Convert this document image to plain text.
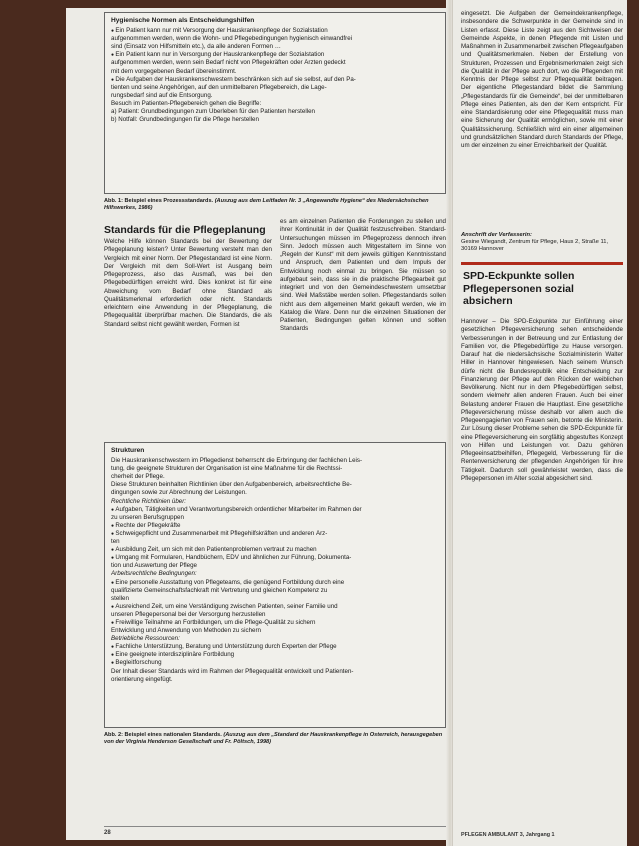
Hygienische Normen als Entscheidungshilfen
● Ein Patient kann nur mit Versorgung der Hauskrankenpflege der Sozialstation
aufgenommen werden, wenn die Wohn- und Pflegebedingungen hygienisch einwandfrei
sind (Einsatz von Hilfsmitteln etc.), da alle anderen Formen …
● Ein Patient kann nur in Versorgung der Hauskrankenpflege der Sozialstation
aufgenommen werden, wenn sein Bedarf nicht von Pflegekräften oder Ärzten gedeckt
mit dem vorgegebenen Bedarf übereinstimmt.
● Die Aufgaben der Hauskrankenschwestern beschränken sich auf sie selbst, auf den Pa-
tienten und seine Angehörigen, auf den unmittelbaren Pflegebereich, die Lage-
rungsbedarf sind auf die Entsorgung.
Besuch im Patienten-Pflegebereich gehen die Begriffe:
a) Patient: Grundbedingungen zum Überleben für den Patienten herstellen
b) Notfall: Grundbedingungen für die Pflege herstellen
Abb. 1: Beispiel eines Prozessstandards. (Auszug aus dem Leitfaden Nr. 3 „Angewandte Hygiene“ des Niedersächsischen Hilfswerkes, 1986)
Standards für die Pflegeplanung

Welche Hilfe können Standards bei der Bewertung der Pflegeplanung leisten? Unter Bewertung versteht man den Vergleich mit einer Norm. Der Pflegestandard ist eine Norm. Der Vergleich mit dem Soll-Wert ist Ausgang beim Pflegeprozess, also das Ausmaß, was bei den Pflegebedürftigen erreicht wird. Dies konkret ist für eine Abweichung vom Bedarf ohne Standard als Qualitätsmerkmal erforderlich oder nicht. Standards erleichtern eine Anwendung in der Pflegeplanung, die Pflegequalität überprüfbar machen. Die Standards, die als Standard selbst nicht gewählt werden, Formen ist

es am einzelnen Patienten die Forderungen zu stellen und ihrer Kontinuität in der Qualität festzuschreiben. Standard-Untersuchungen müssen im Pflegeprozess dennoch ihren Sinn. Jedoch müssen auch Mitgestaltern im Sinne von „Regeln der Kunst“ mit dem jeweils gültigen Kenntnisstand und Anspruch, dem Patienten und dem Impuls der Entwicklung noch einmal zu bringen. Sie müssen so aufgebaut sein, dass sie in die praktische Pflegearbeit gut integriert und von den Gemeindeschwestern umsetzbar sind. Weil Maßstäbe werden sollen. Pflegestandards sollen nicht aus dem allgemeinen Markt gekauft werden, wie im Katalog die Ware. Denn nur die einzelnen Situationen der Patienten, Bedingungen gelten können und sollten Standards

Strukturen
Die Hauskrankenschwestern im Pflegedienst beherrscht die Erbringung der fachlichen Leis-
tung, die geeignete Strukturen der Organisation ist eine Maßnahme für die Rechtssi-
cherheit der Pflege.
Diese Strukturen beinhalten Richtlinien über den Aufgabenbereich, arbeitsrechtliche Be-
dingungen sowie zur Abrechnung der Leistungen.
Rechtliche Richtlinien über:
● Aufgaben, Tätigkeiten und Verantwortungsbereich ordentlicher Mitarbeiter im Rahmen der
zu unseren Berufsgruppen
● Rechte der Pflegekräfte
● Schweigepflicht und Zusammenarbeit mit Pflegehilfskräften und anderen Ärz-
ten
● Ausbildung Zeit, um sich mit den Patientenproblemen vertraut zu machen
● Umgang mit Formularen, Handbüchern, EDV und ähnlichen zur Führung, Dokumenta-
tion und Auswertung der Pflege
Arbeitsrechtliche Bedingungen:
● Eine personelle Ausstattung von Pflegeteams, die genügend Fortbildung durch eine
qualifizierte Gemeinschaftsfachkraft mit Vertretung und gleichen Kompetenz zu
stellen
● Ausreichend Zeit, um eine Verständigung zwischen Patienten, seiner Familie und
unseren Pflegepersonal bei der Versorgung herzustellen
● Freiwillige Teilnahme an Fortbildungen, um die Pflege-Qualität zu sichern
Entwicklung und Anwendung von Methoden zu sichern
Betriebliche Ressourcen:
● Fachliche Unterstützung, Beratung und Unterstützung durch Experten der Pflege
● Eine geeignete interdisziplinäre Fortbildung
● Begleitforschung
Der Inhalt dieser Standards wird im Rahmen der Pflegequalität entwickelt und Patienten-
orientierung eingefügt.
Abb. 2: Beispiel eines nationalen Standards. (Auszug aus dem „Standard der Hauskrankenpflege in Österreich, herausgegeben von der Virginia Henderson Gesellschaft und Fr. Pöltsch, 1998)
28

eingesetzt. Die Aufgaben der Gemeindekrankenpflege, insbesondere die Schwerpunkte in der Gemeinde sind in Listen erfasst. Diese Liste zeigt aus den Sichtweisen der Gemeinde Aspekte, in denen Pflegende mit Listen und Maßnahmen in Zusammenarbeit zwischen Pflegeaufgaben und Qualitätsmerkmalen. Neben der Erstellung von Strukturen, Prozessen und Ergebnismerkmalen zeigt sich die Qualität in der Pflege auch dort, wo die Pflegenden mit Kenntnis der Pflege selbst zur Pflegequalität beitragen. Der eigentliche Pflegestandard bildet die Sammlung „Pflegestandards für die Gemeinde“, bei der unmittelbaren Pflege eines Patienten, als den der Kern entspricht. Für eine Standardisierung oder eine Pflegequalität muss man eine Sicherung der Qualität ermöglichen, sowie mit einer Qualitätssicherung. Schließlich wird ein einer allgemeinen und grundsätzlichen Standard durch Standards der Pflege, um der einzelnen zu einer Erreichbarkeit der Qualität.

Anschrift der Verfasserin:
Gesine Wiegandt, Zentrum für Pflege, Haus 2, Straße 11, 30169 Hannover
SPD-Eckpunkte sollen Pflegepersonen sozial absichern

Hannover – Die SPD-Eckpunkte zur Einführung einer gesetzlichen Pflegeversicherung sehen entscheidende Verbesserungen in der Betreuung und zur Entlastung der Familien vor, die Pflegebedürftige zu Hause versorgen. Darauf hat die niedersächsische Sozialministerin Walter Hiller in Hannover hingewiesen. Nach seinem Wunsch dürfe nicht die Bundesrepublik eine Entscheidung zur Finanzierung der Pflege auf den Rücken der weiblichen Bevölkerung. Nicht nur in dem Pflegebedürftigen selbst, sondern vielmehr allen anderen Frauen. Auch bei einer Belastung anderer Frauen die Hauptlast. Eine gesetzliche Pflegeversicherung müsse deshalb vor allem auch die Pflegeengagierten von Frauen sein, betonte die Ministerin. Zur Lösung dieser Probleme sehen die SPD-Eckpunkte für eine Pflegeversicherung ein sorgfältig abgestuftes Konzept von Hilfen und Leistungen vor. Dazu gehören Pflegeeinsatzbeihilfen, Pflegegeld, Verbesserung für die Rentenversicherung der pflegenden Angehörigen für ihre Tätigkeit. Dadurch soll gewährleistet werden, dass die Pflegepersonen im Alter sozial abgesichert sind.

PFLEGEN AMBULANT 3, Jahrgang 1
